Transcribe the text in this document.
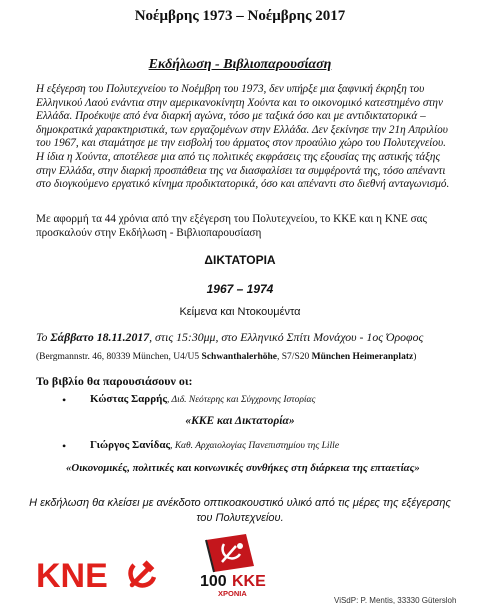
Νοέμβρης 1973 – Νοέμβρης 2017
Εκδήλωση - Βιβλιοπαρουσίαση
Η εξέγερση του Πολυτεχνείου το Νοέμβρη του 1973, δεν υπήρξε μια ξαφνική έκρηξη του
Ελληνικού Λαού ενάντια στην αμερικανοκίνητη Χούντα και το οικονομικό κατεστημένο στην
Ελλάδα. Προέκυψε από ένα διαρκή αγώνα, τόσο με ταξικά όσο και με αντιδικτατορικά –
δημοκρατικά χαρακτηριστικά, των εργαζομένων στην Ελλάδα. Δεν ξεκίνησε την 21η Απριλίου
του 1967, και σταμάτησε με την εισβολή του άρματος στον προαύλιο χώρο του Πολυτεχνείου.
Η ίδια η Χούντα, αποτέλεσε μια από τις πολιτικές εκφράσεις της εξουσίας της αστικής τάξης
στην Ελλάδα, στην διαρκή προσπάθεια της να διασφαλίσει τα συμφέροντά της, τόσο απέναντι
στο διογκούμενο εργατικό κίνημα προδικτατορικά, όσο και απέναντι στο διεθνή ανταγωνισμό.
Με αφορμή τα 44 χρόνια από την εξέγερση του Πολυτεχνείου, το ΚΚΕ και η ΚΝΕ σας
προσκαλούν στην Εκδήλωση - Βιβλιοπαρουσίαση
ΔΙΚΤΑΤΟΡΙΑ
1967 – 1974
Κείμενα και Ντοκουμέντα
Το Σάββατο 18.11.2017, στις 15:30μμ, στο Ελληνικό Σπίτι Μονάχου - 1ος Όροφος
(Bergmannstr. 46, 80339 München, U4/U5 Schwanthalerhöhe, S7/S20 München Heimeranplatz)
Το βιβλίο θα παρουσιάσουν οι:
• Κώστας Σαρρής, Διδ. Νεότερης και Σύγχρονης Ιστορίας
«ΚΚΕ και Δικτατορία»
• Γιώργος Σανίδας, Καθ. Αρχαιολογίας Πανεπιστημίου της Lille
«Οικονομικές, πολιτικές και κοινωνικές συνθήκες στη διάρκεια της επταετίας»
Η εκδήλωση θα κλείσει με ανέκδοτο οπτικοακουστικό υλικό από τις μέρες της εξέγερσης
του Πολυτεχνείου.
ΚΝΕ	100 ΚΚΕ
ΧΡΟΝΙΑ
ViSdP: P. Mentis, 33330 Gütersloh
